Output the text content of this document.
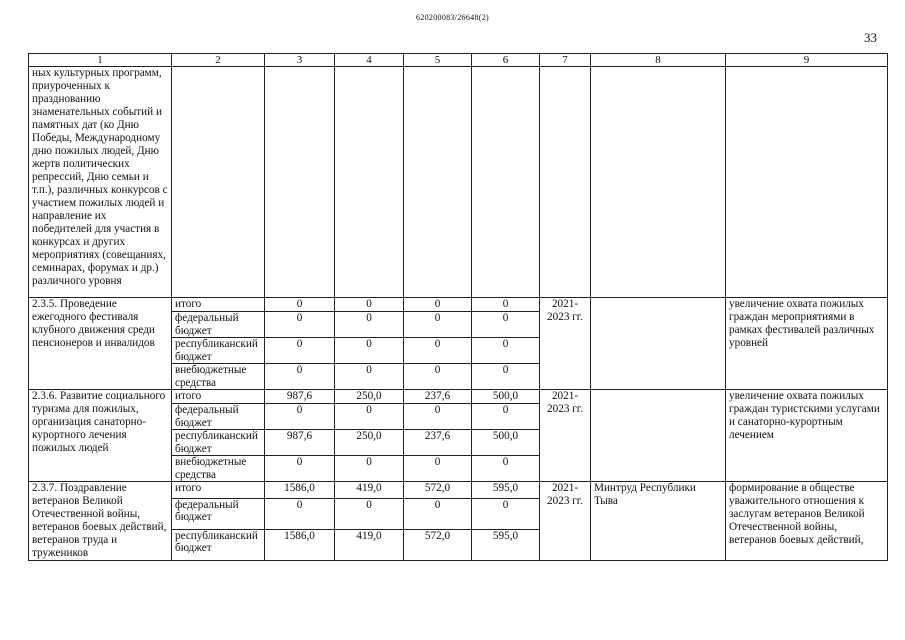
620200083/26648(2)
33
1	2	3	4	5	6	7	8	9
ных культурных программ, приуроченных к празднованию знаменательных событий и памятных дат (ко Дню Победы, Международному дню пожилых людей, Дню жертв политических репрессий, Дню семьи и т.п.), различных конкурсов с участием пожилых людей и направление их победителей для участия в конкурсах и других мероприятиях (совещаниях, семинарах, форумах и др.) различного уровня								
2.3.5. Проведение ежегодного фестиваля клубного движения среди пенсионеров и инвалидов	итого	0	0	0	0	2021-2023 гг.		увеличение охвата пожилых граждан мероприятиями в рамках фестивалей различных уровней
	федеральный бюджет	0	0	0	0			
	республиканский бюджет	0	0	0	0			
	внебюджетные средства	0	0	0	0			
2.3.6. Развитие социального туризма для пожилых, организация санаторно-курортного лечения пожилых людей	итого	987,6	250,0	237,6	500,0	2021-2023 гг.		увеличение охвата пожилых граждан туристскими услугами и санаторно-курортным лечением
	федеральный бюджет	0	0	0	0			
	республиканский бюджет	987,6	250,0	237,6	500,0			
	внебюджетные средства	0	0	0	0			
2.3.7. Поздравление ветеранов Великой Отечественной войны, ветеранов боевых действий, ветеранов труда и тружеников	итого	1586,0	419,0	572,0	595,0	2021-2023 гг.	Минтруд Республики Тыва	формирование в обществе уважительного отношения к заслугам ветеранов Великой Отечественной войны, ветеранов боевых действий,
	федеральный бюджет	0	0	0	0			
	республиканский бюджет	1586,0	419,0	572,0	595,0			
